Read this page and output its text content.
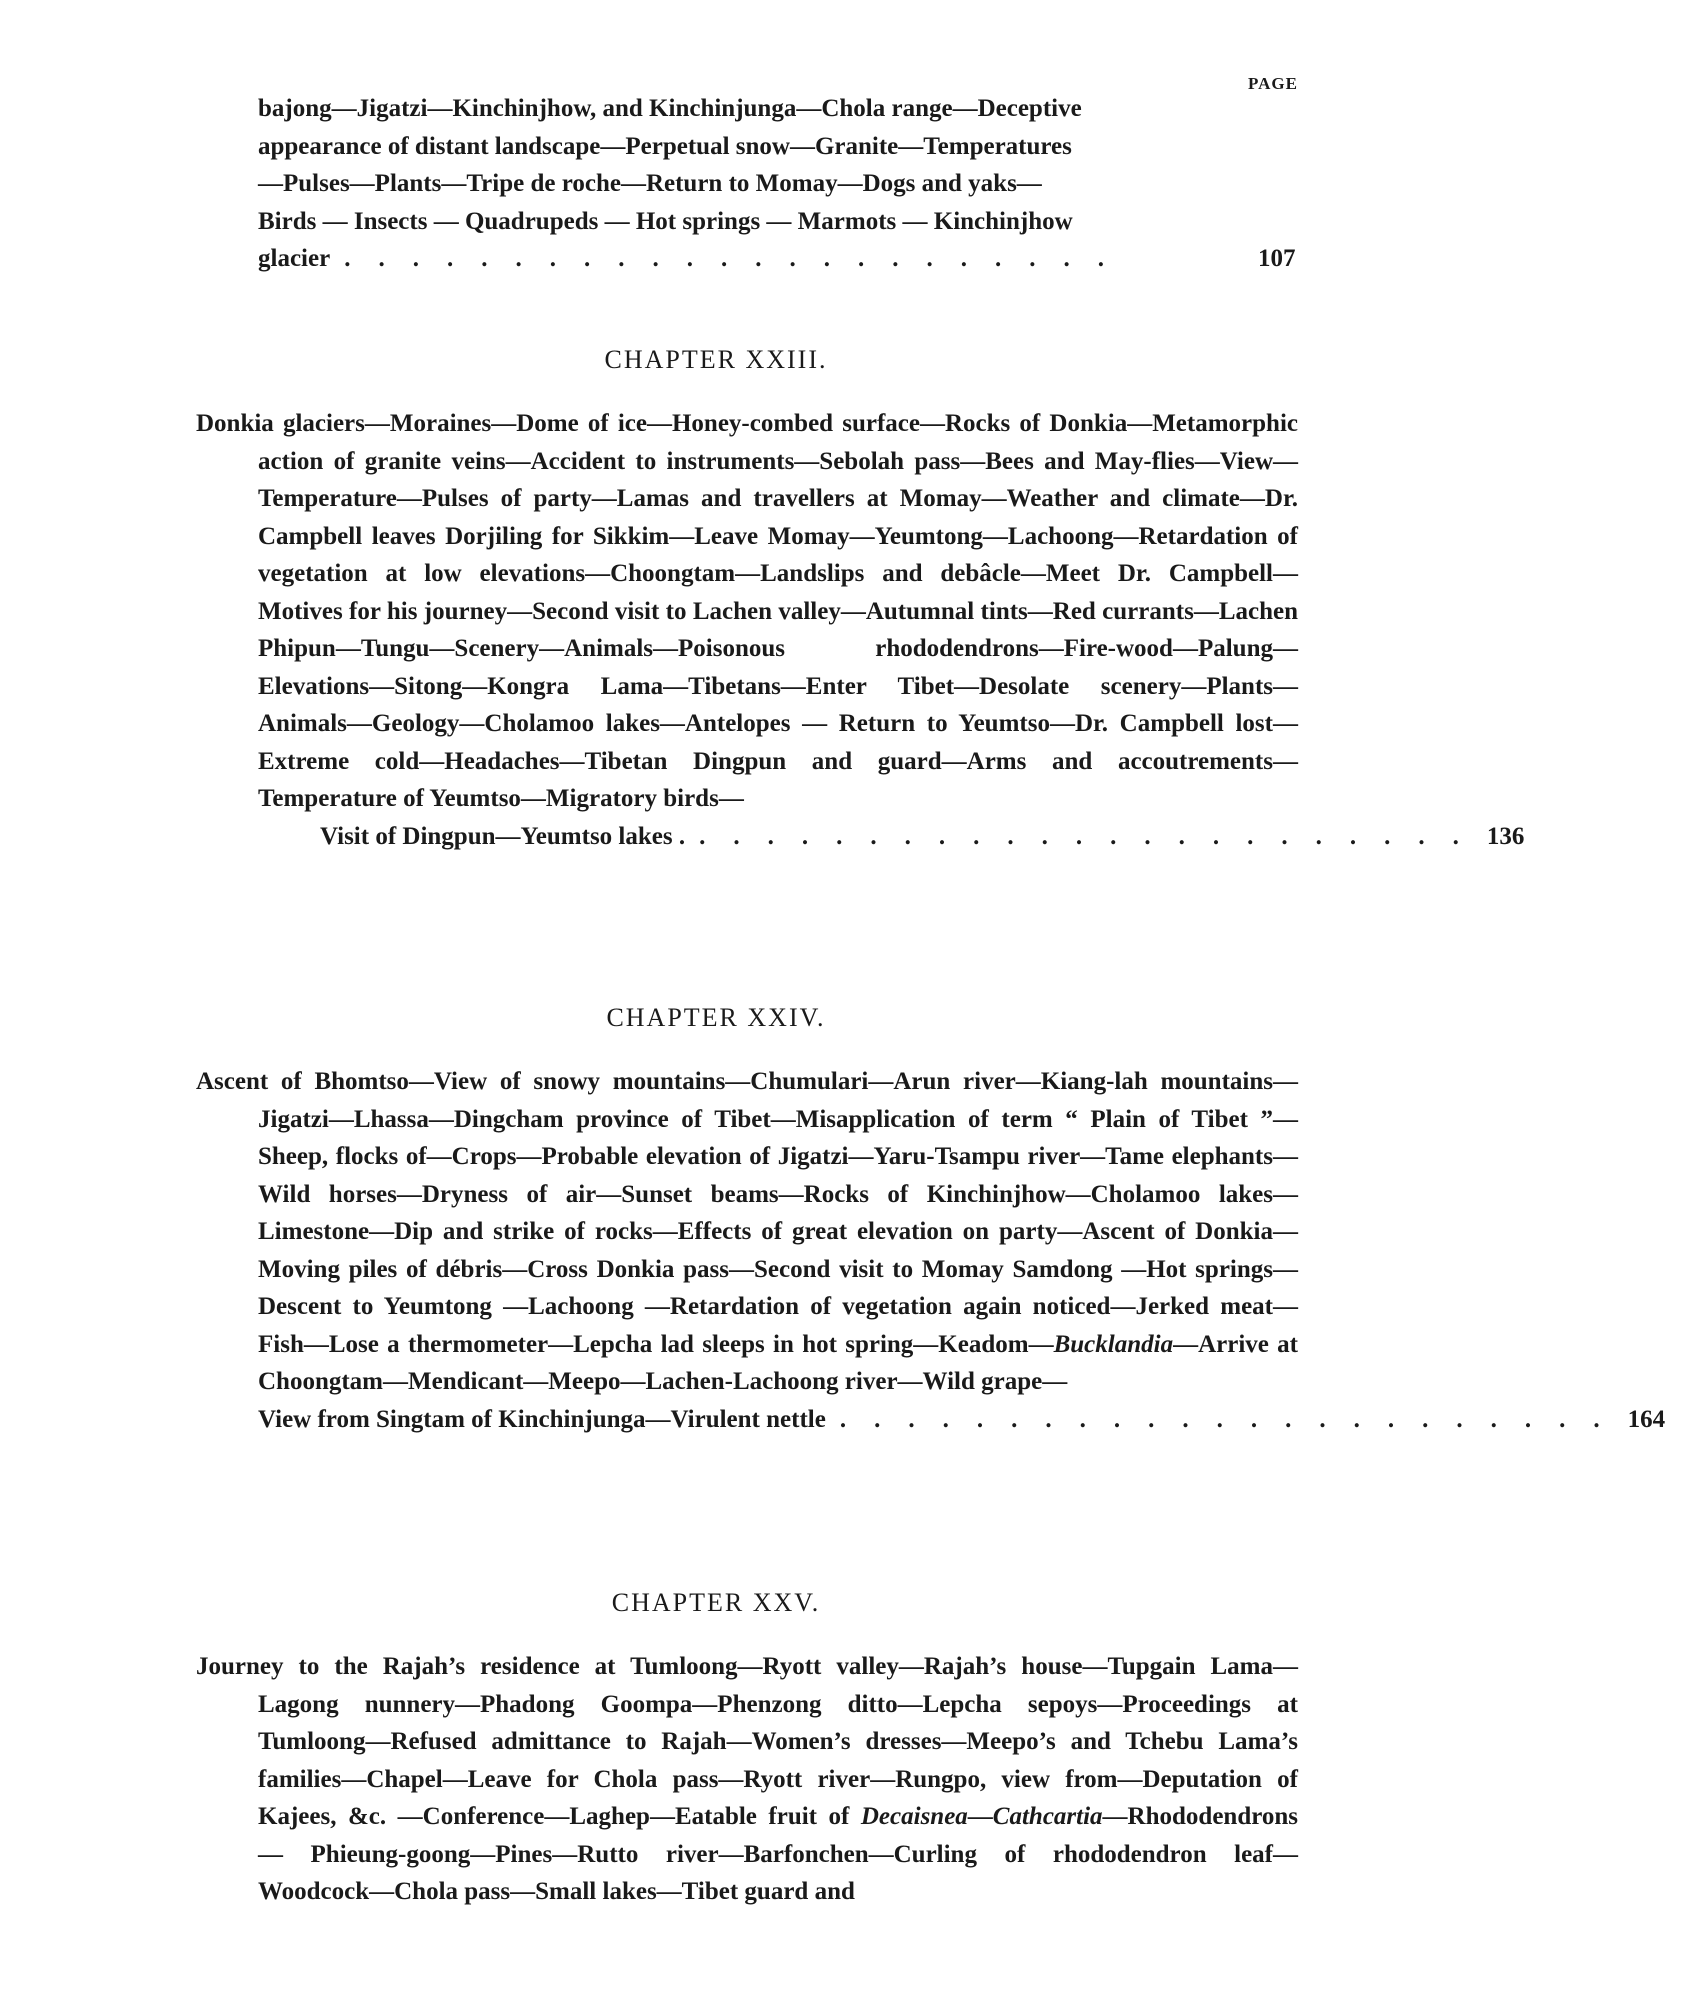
PAGE
bajong—Jigatzi—Kinchinjhow, and Kinchinjunga—Chola range—Deceptive
appearance of distant landscape—Perpetual snow—Granite—Temperatures
—Pulses—Plants—Tripe de roche—Return to Momay—Dogs and yaks—
Birds — Insects — Quadrupeds — Hot springs — Marmots — Kinchinjhow
glacier .......................	107
CHAPTER XXIII.
Donkia glaciers—Moraines—Dome of ice—Honey-combed surface—Rocks of Donkia—Metamorphic action of granite veins—Accident to instruments—Sebolah pass—Bees and May-flies—View—Temperature—Pulses of party—Lamas and travellers at Momay—Weather and climate—Dr. Campbell leaves Dorjiling for Sikkim—Leave Momay—Yeumtong—Lachoong—Retardation of vegetation at low elevations—Choongtam—Landslips and debâcle—Meet Dr. Campbell—Motives for his journey—Second visit to Lachen valley—Autumnal tints—Red currants—Lachen Phipun—Tungu—Scenery—Animals—Poisonous rhododendrons—Fire-wood—Palung—Elevations—Sitong—Kongra Lama—Tibetans—Enter Tibet—Desolate scenery—Plants—Animals—Geology—Cholamoo lakes—Antelopes — Return to Yeumtso—Dr. Campbell lost—Extreme cold—Headaches—Tibetan Dingpun and guard—Arms and accoutrements—Temperature of Yeumtso—Migratory birds—
Visit of Dingpun—Yeumtso lakes . ....................... 136
CHAPTER XXIV.
Ascent of Bhomtso—View of snowy mountains—Chumulari—Arun river—Kiang-lah mountains—Jigatzi—Lhassa—Dingcham province of Tibet—Misapplication of term “ Plain of Tibet ”—Sheep, flocks of—Crops—Probable elevation of Jigatzi—Yaru-Tsampu river—Tame elephants—Wild horses—Dryness of air—Sunset beams—Rocks of Kinchinjhow—Cholamoo lakes—Limestone—Dip and strike of rocks—Effects of great elevation on party—Ascent of Donkia—Moving piles of débris—Cross Donkia pass—Second visit to Momay Samdong —Hot springs—Descent to Yeumtong —Lachoong —Retardation of vegetation again noticed—Jerked meat—Fish—Lose a thermometer—Lepcha lad sleeps in hot spring—Keadom—Bucklandia—Arrive at Choongtam—Mendicant—Meepo—Lachen-Lachoong river—Wild grape—
View from Singtam of Kinchinjunga—Virulent nettle ....................... 164
CHAPTER XXV.
Journey to the Rajah’s residence at Tumloong—Ryott valley—Rajah’s house—Tupgain Lama—Lagong nunnery—Phadong Goompa—Phenzong ditto—Lepcha sepoys—Proceedings at Tumloong—Refused admittance to Rajah—Women’s dresses—Meepo’s and Tchebu Lama’s families—Chapel—Leave for Chola pass—Ryott river—Rungpo, view from—Deputation of Kajees, &c. —Conference—Laghep—Eatable fruit of Decaisnea—Cathcartia—Rhododendrons — Phieung-goong—Pines—Rutto river—Barfonchen—Curling of rhododendron leaf—Woodcock—Chola pass—Small lakes—Tibet guard and
